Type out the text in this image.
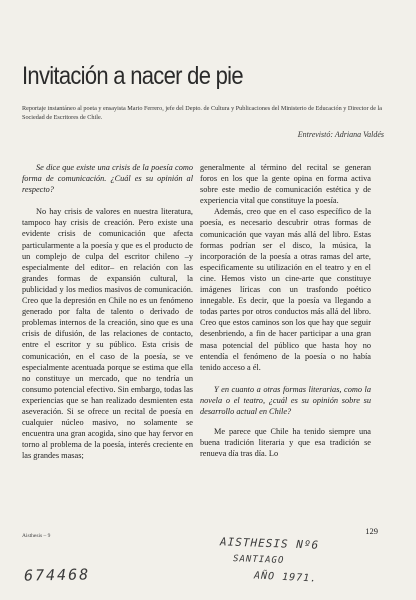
Invitación a nacer de pie
Reportaje instantáneo al poeta y ensayista Mario Ferrero, jefe del Depto. de Cultura y Publicaciones del Ministerio de Educación y Director de la Sociedad de Escritores de Chile.
Entrevistó: Adriana Valdés

Se dice que existe una crisis de la poesía como forma de comunicación. ¿Cuál es su opinión al respecto?

No hay crisis de valores en nuestra literatura, tampoco hay crisis de creación. Pero existe una evidente crisis de comunicación que afecta particularmente a la poesía y que es el producto de un complejo de culpa del escritor chileno –y especialmente del editor– en relación con las grandes formas de expansión cultural, la publicidad y los medios masivos de comunicación. Creo que la depresión en Chile no es un fenómeno generado por falta de talento o derivado de problemas internos de la creación, sino que es una crisis de difusión, de las relaciones de contacto, entre el escritor y su público. Esta crisis de comunicación, en el caso de la poesía, se ve especialmente acentuada porque se estima que ella no constituye un mercado, que no tendría un consumo potencial efectivo. Sin embargo, todas las experiencias que se han realizado desmienten esta aseveración. Si se ofrece un recital de poesía en cualquier núcleo masivo, no solamente se encuentra una gran acogida, sino que hay fervor en torno al problema de la poesía, interés creciente en las grandes masas;

generalmente al término del recital se generan foros en los que la gente opina en forma activa sobre este medio de comunicación estética y de experiencia vital que constituye la poesía.

Además, creo que en el caso específico de la poesía, es necesario descubrir otras formas de comunicación que vayan más allá del libro. Estas formas podrían ser el disco, la música, la incorporación de la poesía a otras ramas del arte, especificamente su utilización en el teatro y en el cine. Hemos visto un cine-arte que constituye imágenes líricas con un trasfondo poético innegable. Es decir, que la poesía va llegando a todas partes por otros conductos más allá del libro. Creo que estos caminos son los que hay que seguir desenbriendo, a fin de hacer participar a una gran masa potencial del público que hasta hoy no entendía el fenómeno de la poesía o no había tenido acceso a él.

Y en cuanto a otras formas literarias, como la novela o el teatro, ¿cuál es su opinión sobre su desarrollo actual en Chile?

Me parece que Chile ha tenido siempre una buena tradición literaria y que esa tradición se renueva día tras día. Lo

129
Aisthesis – 9	AISTHESIS Nº6
SANTIAGO
AÑO 1971.
674468
